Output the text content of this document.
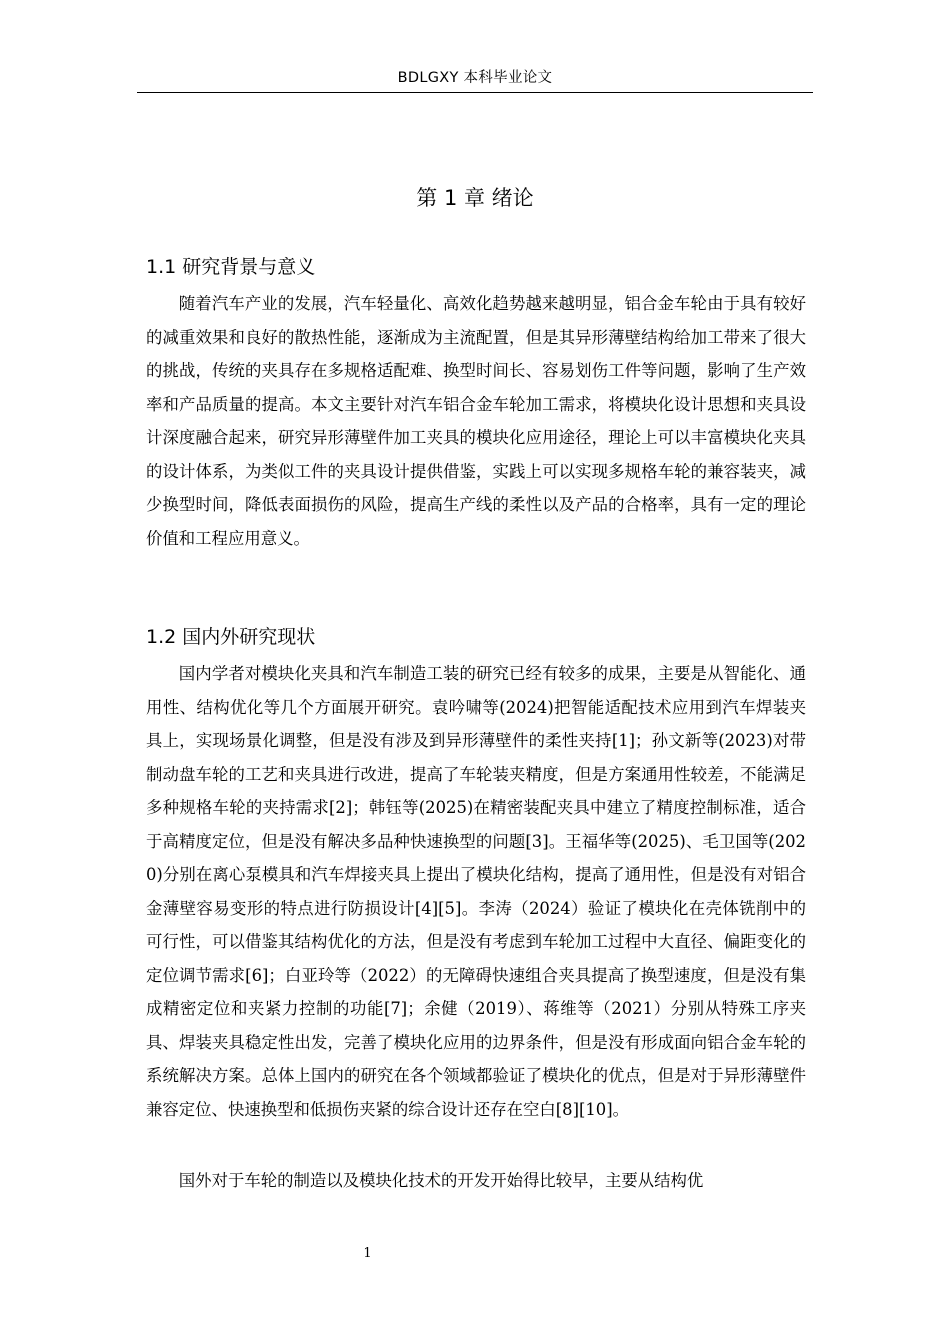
BDLGXY 本科毕业论文
第 1 章 绪论
1.1 研究背景与意义

随着汽车产业的发展，汽车轻量化、高效化趋势越来越明显，铝合金车轮由于具有较好的减重效果和良好的散热性能，逐渐成为主流配置，但是其异形薄壁结构给加工带来了很大的挑战，传统的夹具存在多规格适配难、换型时间长、容易划伤工件等问题，影响了生产效率和产品质量的提高。本文主要针对汽车铝合金车轮加工需求，将模块化设计思想和夹具设计深度融合起来，研究异形薄壁件加工夹具的模块化应用途径，理论上可以丰富模块化夹具的设计体系，为类似工件的夹具设计提供借鉴，实践上可以实现多规格车轮的兼容装夹，减少换型时间，降低表面损伤的风险，提高生产线的柔性以及产品的合格率，具有一定的理论价值和工程应用意义。

1.2 国内外研究现状

国内学者对模块化夹具和汽车制造工装的研究已经有较多的成果，主要是从智能化、通用性、结构优化等几个方面展开研究。袁吟啸等(2024)把智能适配技术应用到汽车焊装夹具上，实现场景化调整，但是没有涉及到异形薄壁件的柔性夹持[1]；孙文新等(2023)对带制动盘车轮的工艺和夹具进行改进，提高了车轮装夹精度，但是方案通用性较差，不能满足多种规格车轮的夹持需求[2]；韩钰等(2025)在精密装配夹具中建立了精度控制标准，适合于高精度定位，但是没有解决多品种快速换型的问题[3]。王福华等(2025)、毛卫国等(2020)分别在离心泵模具和汽车焊接夹具上提出了模块化结构，提高了通用性，但是没有对铝合金薄壁容易变形的特点进行防损设计[4][5]。李涛（2024）验证了模块化在壳体铣削中的可行性，可以借鉴其结构优化的方法，但是没有考虑到车轮加工过程中大直径、偏距变化的定位调节需求[6]；白亚玲等（2022）的无障碍快速组合夹具提高了换型速度，但是没有集成精密定位和夹紧力控制的功能[7]；余健（2019）、蒋维等（2021）分别从特殊工序夹具、焊装夹具稳定性出发，完善了模块化应用的边界条件，但是没有形成面向铝合金车轮的系统解决方案。总体上国内的研究在各个领域都验证了模块化的优点，但是对于异形薄壁件兼容定位、快速换型和低损伤夹紧的综合设计还存在空白[8][10]。

国外对于车轮的制造以及模块化技术的开发开始得比较早，主要从结构优

1
